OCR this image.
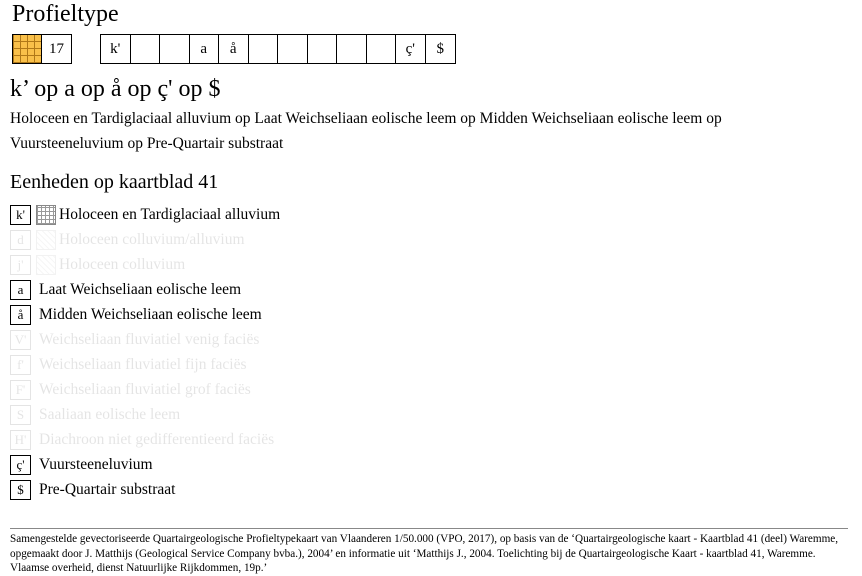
Profieltype
17	k'	a	å	ç'	$
k’ op a op å op ç' op $
Holoceen en Tardiglaciaal alluvium op Laat Weichseliaan eolische leem op Midden Weichseliaan eolische leem op Vuursteeneluvium op Pre-Quartair substraat
Eenheden op kaartblad 41
k'	Holoceen en Tardiglaciaal alluvium
d	Holoceen colluvium/alluvium
j'	Holoceen colluvium
a	Laat Weichseliaan eolische leem
å	Midden Weichseliaan eolische leem
V' Weichseliaan fluviatiel venig faciës
f' Weichseliaan fluviatiel fijn faciës
F' Weichseliaan fluviatiel grof faciës
S Saaliaan eolische leem
H' Diachroon niet gedifferentieerd faciës
ç' Vuursteeneluvium
$ Pre-Quartair substraat
Samengestelde gevectoriseerde Quartairgeologische Profieltypekaart van Vlaanderen 1/50.000 (VPO, 2017), op basis van de ‘Quartairgeologische kaart - Kaartblad 41 (deel) Waremme, opgemaakt door J. Matthijs (Geological Service Company bvba.), 2004’ en informatie uit ‘Matthijs J., 2004. Toelichting bij de Quartairgeologische Kaart - kaartblad 41, Waremme. Vlaamse overheid, dienst Natuurlijke Rijkdommen, 19p.’
